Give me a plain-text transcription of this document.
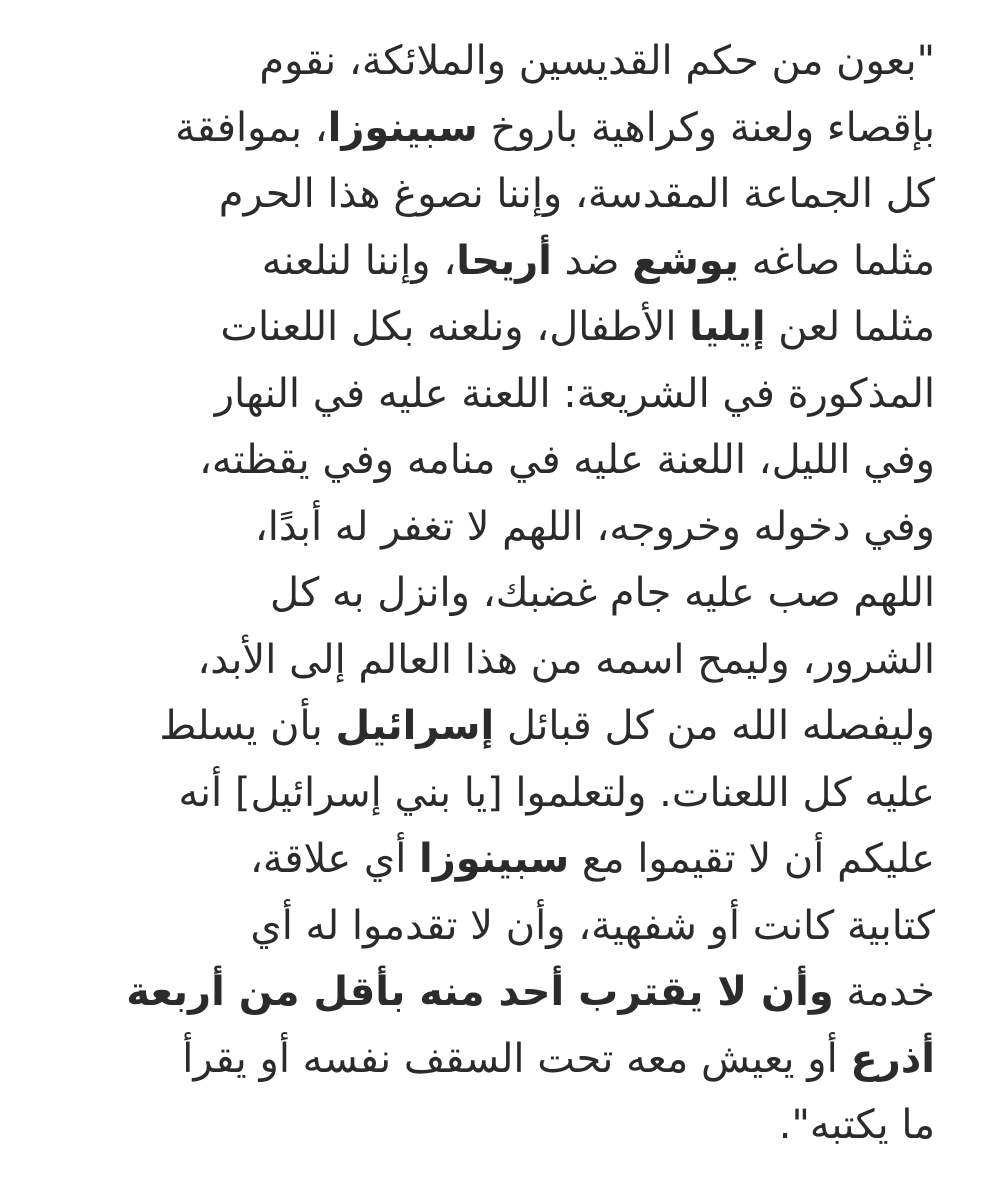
"بعون من حكم القديسين والملائكة، نقوم
بإقصاء ولعنة وكراهية باروخ سبينوزا، بموافقة
كل الجماعة المقدسة، وإننا نصوغ هذا الحرم
مثلما صاغه يوشع ضد أريحا، وإننا لنلعنه
مثلما لعن إيليا الأطفال، ونلعنه بكل اللعنات
المذكورة في الشريعة: اللعنة عليه في النهار
وفي الليل، اللعنة عليه في منامه وفي يقظته،
وفي دخوله وخروجه، اللهم لا تغفر له أبدًا،
اللهم صب عليه جام غضبك، وانزل به كل
الشرور، وليمح اسمه من هذا العالم إلى الأبد،
وليفصله الله من كل قبائل إسرائيل بأن يسلط
عليه كل اللعنات. ولتعلموا [يا بني إسرائيل] أنه
عليكم أن لا تقيموا مع سبينوزا أي علاقة،
كتابية كانت أو شفهية، وأن لا تقدموا له أي
خدمة وأن لا يقترب أحد منه بأقل من أربعة
أذرع أو يعيش معه تحت السقف نفسه أو يقرأ
ما يكتبه".
